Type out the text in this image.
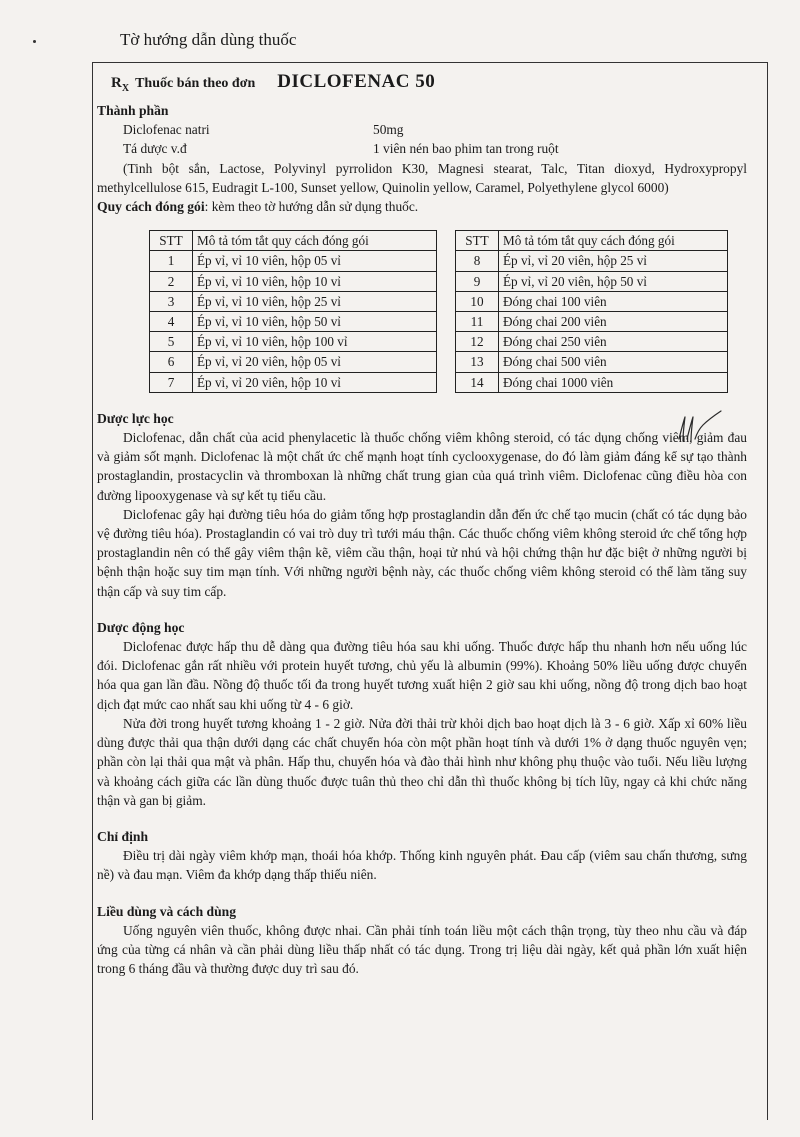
Tờ hướng dẫn dùng thuốc
$R_X$ Thuốc bán theo đơn DICLOFENAC 50
Thành phần
Diclofenac natri	50mg
Tá dược v.đ	1 viên nén bao phim tan trong ruột

(Tinh bột sắn, Lactose, Polyvinyl pyrrolidon K30, Magnesi stearat, Talc, Titan dioxyd, Hydroxypropyl methylcellulose 615, Eudragit L-100, Sunset yellow, Quinolin yellow, Caramel, Polyethylene glycol 6000)

Quy cách đóng gói: kèm theo tờ hướng dẫn sử dụng thuốc.
STT	Mô tả tóm tắt quy cách đóng gói
1	Ép vỉ, vỉ 10 viên, hộp 05 vỉ
2	Ép vỉ, vỉ 10 viên, hộp 10 vỉ
3	Ép vỉ, vỉ 10 viên, hộp 25 vỉ
4	Ép vỉ, vỉ 10 viên, hộp 50 vỉ
5	Ép vỉ, vỉ 10 viên, hộp 100 vỉ
6	Ép vỉ, vỉ 20 viên, hộp 05 vỉ
7	Ép vỉ, vỉ 20 viên, hộp 10 vỉ
STT	Mô tả tóm tắt quy cách đóng gói
8	Ép vỉ, vỉ 20 viên, hộp 25 vỉ
9	Ép vỉ, vỉ 20 viên, hộp 50 vỉ
10	Đóng chai 100 viên
11	Đóng chai 200 viên
12	Đóng chai 250 viên
13	Đóng chai 500 viên
14	Đóng chai 1000 viên
Dược lực học

Diclofenac, dẫn chất của acid phenylacetic là thuốc chống viêm không steroid, có tác dụng chống viêm, giảm đau và giảm sốt mạnh. Diclofenac là một chất ức chế mạnh hoạt tính cyclooxygenase, do đó làm giảm đáng kể sự tạo thành prostaglandin, prostacyclin và thromboxan là những chất trung gian của quá trình viêm. Diclofenac cũng điều hòa con đường lipooxygenase và sự kết tụ tiểu cầu.

Diclofenac gây hại đường tiêu hóa do giảm tổng hợp prostaglandin dẫn đến ức chế tạo mucin (chất có tác dụng bảo vệ đường tiêu hóa). Prostaglandin có vai trò duy trì tưới máu thận. Các thuốc chống viêm không steroid ức chế tổng hợp prostaglandin nên có thể gây viêm thận kẽ, viêm cầu thận, hoại tử nhú và hội chứng thận hư đặc biệt ở những người bị bệnh thận hoặc suy tim mạn tính. Với những người bệnh này, các thuốc chống viêm không steroid có thể làm tăng suy thận cấp và suy tim cấp.

Dược động học

Diclofenac được hấp thu dễ dàng qua đường tiêu hóa sau khi uống. Thuốc được hấp thu nhanh hơn nếu uống lúc đói. Diclofenac gắn rất nhiều với protein huyết tương, chủ yếu là albumin (99%). Khoảng 50% liều uống được chuyển hóa qua gan lần đầu. Nồng độ thuốc tối đa trong huyết tương xuất hiện 2 giờ sau khi uống, nồng độ trong dịch bao hoạt dịch đạt mức cao nhất sau khi uống từ 4 - 6 giờ.

Nửa đời trong huyết tương khoảng 1 - 2 giờ. Nửa đời thải trừ khỏi dịch bao hoạt dịch là 3 - 6 giờ. Xấp xỉ 60% liều dùng được thải qua thận dưới dạng các chất chuyển hóa còn một phần hoạt tính và dưới 1% ở dạng thuốc nguyên vẹn; phần còn lại thải qua mật và phân. Hấp thu, chuyển hóa và đào thải hình như không phụ thuộc vào tuổi. Nếu liều lượng và khoảng cách giữa các lần dùng thuốc được tuân thủ theo chỉ dẫn thì thuốc không bị tích lũy, ngay cả khi chức năng thận và gan bị giảm.

Chỉ định

Điều trị dài ngày viêm khớp mạn, thoái hóa khớp. Thống kinh nguyên phát. Đau cấp (viêm sau chấn thương, sưng nề) và đau mạn. Viêm đa khớp dạng thấp thiếu niên.

Liều dùng và cách dùng

Uống nguyên viên thuốc, không được nhai. Cần phải tính toán liều một cách thận trọng, tùy theo nhu cầu và đáp ứng của từng cá nhân và cần phải dùng liều thấp nhất có tác dụng. Trong trị liệu dài ngày, kết quả phần lớn xuất hiện trong 6 tháng đầu và thường được duy trì sau đó.
